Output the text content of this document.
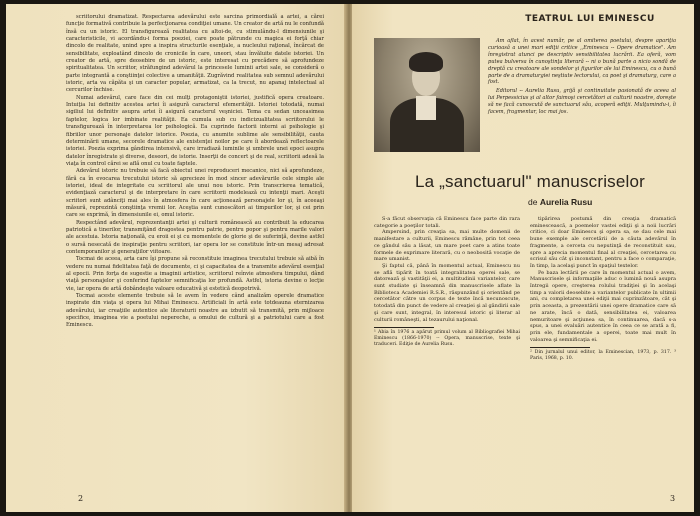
scriitorului dramatizat. Respectarea adevărului este sarcina primordială a artei, a cărei funcţie formativă contribuie la perfecţionarea condiţiei umane. Un creator de artă nu le confundă însă cu un istoric. El transfigurează realitatea cu altoi-de, cu stimulându-l dimensiunile şi caracteristicile, vi acordându-i forma poeziei, care poate pătrunde cu magica ei forţă chiar dincolo de realitate, unind spre a inspira structurile esenţiale, a nucleului raţional, încărcat de sensibilitate, exploatând dincolo de cronicile în care, uneori, stau învăluite datele istoriei. Un creator de artă, spre deosebire de un istoric, este interesat cu precădere să aprofundeze spiritualitatea. Un scriitor, străfungind adevărul la princesele luminii artei sale, se consideră o parte integrantă a conştiinţei colective a umanităţii. Zugrăvind realitatea sub semnul adevărului istoric, arta va căpăta şi un caracter popular, armatizat, ca la trecut, nu apanaj intelectual al cercurilor închise.

Numai adevărul, care face din cei mulţi protagoniştii istoriei, justifică opera creatoare. Intuiţia lui definitiv acestea artei îi asigură caracterul efemerităţii. Istoriei totodată, numai sigiliul lui definitiv asupra artei îi asigură caracterul veşniciei. Tema cu sedan unceasimea faptelor, logica lor imbinate realităţii. Ea cumula sub cu indicizualitatea scriitorului le transfigurează în interpretarea lor psihologică. Ea cuprinde factorii interni ai psihologie şi fibriilor unor personaje datelor istorice. Poezia, cu anumite sublime ale sensibilităţii, cauta determinării umane, secorele dramatice ale existenţei noilor pe care îi abordează reflectoarele istoriei. Poezia exprima gândirea intensivă, care irradiază luminile şi umbrele unei epoci asupra datelor înregistrate şi diverse, deseori, de istorie. Inserţii de concert şi de real, scriitorii adesă la viaţa în control cărei se află onul cu toate faptele.

Adevărul istoric nu trebuie să facă obiectul unei reproduceri mecanice, nici să aprofundeze, fără ca în evocarea trecutului istoric să aprecieze în mod sincer adevărurile cele simple ale istoriei, ideal de integritate cu scriitorul ale unui nou istoric. Prin transcrierea tematică, evidenţiază caracterul şi de interpretare în care scriitorii modelează cu intenţii mari. Aceşti scriitori sunt adânciţi mai ales în atmosfera în care acţionează personajele lor şi, în aceeaşi măsură, reprezintă conştiinţa vremii lor. Aceştia sunt cunoscători ai timpurilor lor, şi cei prin care se exprimă, în dimensiunile ei, omul istoric.

Respectând adevărul, reprezentanţii artei şi culturii românească au contribuit la educarea patriotică a tinerilor, transmiţând dragostea pentru patrie, pentru popor şi pentru marile valori ale acestuia. Istoria naţională, cu eroii ei şi cu momentele de glorie şi de suferinţă, devine astfel o sursă nesecată de inspiraţie pentru scriitori, iar opera lor se constituie într-un mesaj adresat contemporanilor şi generaţiilor viitoare.

Tocmai de aceea, arta care îşi propune să reconstituie imaginea trecutului trebuie să aibă în vedere nu numai fidelitatea faţă de documente, ci şi capacitatea de a transmite adevărul esenţial al epocii. Prin forţa de sugestie a imaginii artistice, scriitorul reînvie atmosfera timpului, dând viaţă personajelor şi conferind faptelor semnificaţia lor profundă. Astfel, istoria devine o lecţie vie, iar opera de artă dobândeşte valoare educativă şi estetică deopotrivă.

Tocmai aceste elemente trebuie să le avem în vedere când analizăm operele dramatice inspirate din viaţa şi opera lui Mihai Eminescu. Artificiali în artă este totdeauna eternizarea adevărului, iar creaţiile autentice ale literaturii noastre au izbutit să transmită, prin mijloace specifice, imaginea vie a poetului nepereche, a omului de cultură şi a patriotului care a fost Eminescu.

2
TEATRUL LUI EMINESCU

Am aflat, în acest număr, pe al omiterea poetului, despre apariţia curioasă a unei mari ediţii critice ,,Eminescu -- Opere dramatice". Am înregistrat atunci pe descriptiv sensibilitatea lucrării. Ea oferă, vom putea bulversa în cunoştinţa literară -- ni o bună parte a nicio sondă de dreptă cu creatoare ale sondelor şi figurilor ale lui Eminescu, cu o bună parte de a dramaturgiei neştiute lectorului, ca poet şi dramaturg, care a fost.

Editorul -- Aurelia Rusu, grijă şi continuitate pasionată de aceea al lui Perpessicius şi al altor faimoşi cercetători ai culturii noastre, doreşte să ne facă cunoscută de sanctuarul său, acoperă ediţii. Mulţumindu-i, îi facem, fragmentar, loc mai jos.

La „sanctuarul" manuscriselor
de Aurelia Rusu

S-a făcut observaţia că Eminescu face parte din rara categorie a poeţilor totali.

Ampersind, prin creaţia sa, mai multe domenii de manifestare a culturii, Eminescu rămâne, prin tot ceea ce gândul său a lăsat, un mare poet care a atins toate formele de exprimare literară, cu o neobosită vocaţie de mare umanist.

Şi faptul că, până în momentul actual, Eminescu nu se află tipărit în toată integralitatea operei sale, se datorează şi vastităţii ei, a multitudinii variantelor, care sunt studiate şi înseamnă din manuscrisele aflate la Biblioteca Academiei R.S.R., răspunzând şi orientând pe cercetător către un corpus de texte încă necunoscute, totodată din punct de vedere al creaţiei şi al gândirii sale şi care sunt, integral, în interesul istoric şi literar al culturii româneşti, al tezaurului naţional.

¹ Abia în 1976 a apărut primul volum al Bibliografiei Mihai Eminescu (1866-1970) -- Opera, manuscrise, texte şi traduceri. Ediţie de Aurelia Rusu.

tipărirea postumă din creaţia dramatică eminescească, a poemelor vastei ediţii şi a noii lucrări critice, ci doar Eminescu şi opera sa, se dau cele mai bune exemple ale cercetării de a căuta adevărul în fragmente, a cerceta cu neputinţă de reconstituit sau, spre a aprecia momentul final al creaţiei, cercetarea cu scrisul său cât şi inconstant, pentru a face o comparaţie, în timp, la acelaşi punct în spaţiul textelor.

Pe baza lectării pe care în momentul actual o avem, Manuscrisele şi informaţiile aduc o lumină nouă asupra întregii opere, creşterea rolului tradiţiei şi în acelaşi timp a valorii deosebite a variantelor publicate în ultimii ani, cu completarea unei ediţii mai cuprinzătoare, cât şi prin aceasta, a prezentării unei opere dramatice care să ne arate, încă o dată, sensibilitatea ei, valoarea nemuritoare şi acţiunea sa, în continuarea, dacă s-a spus, a unei evaluări autentice în ceea ce se arată a fi, prin ele, fundamentale a operei, toate mai mult în valoarea şi semnificaţia ei.

² Din jurnalul unui editor, la Eminescian, 1973, p. 317. ³ Paris, 1968, p. 10.
3
